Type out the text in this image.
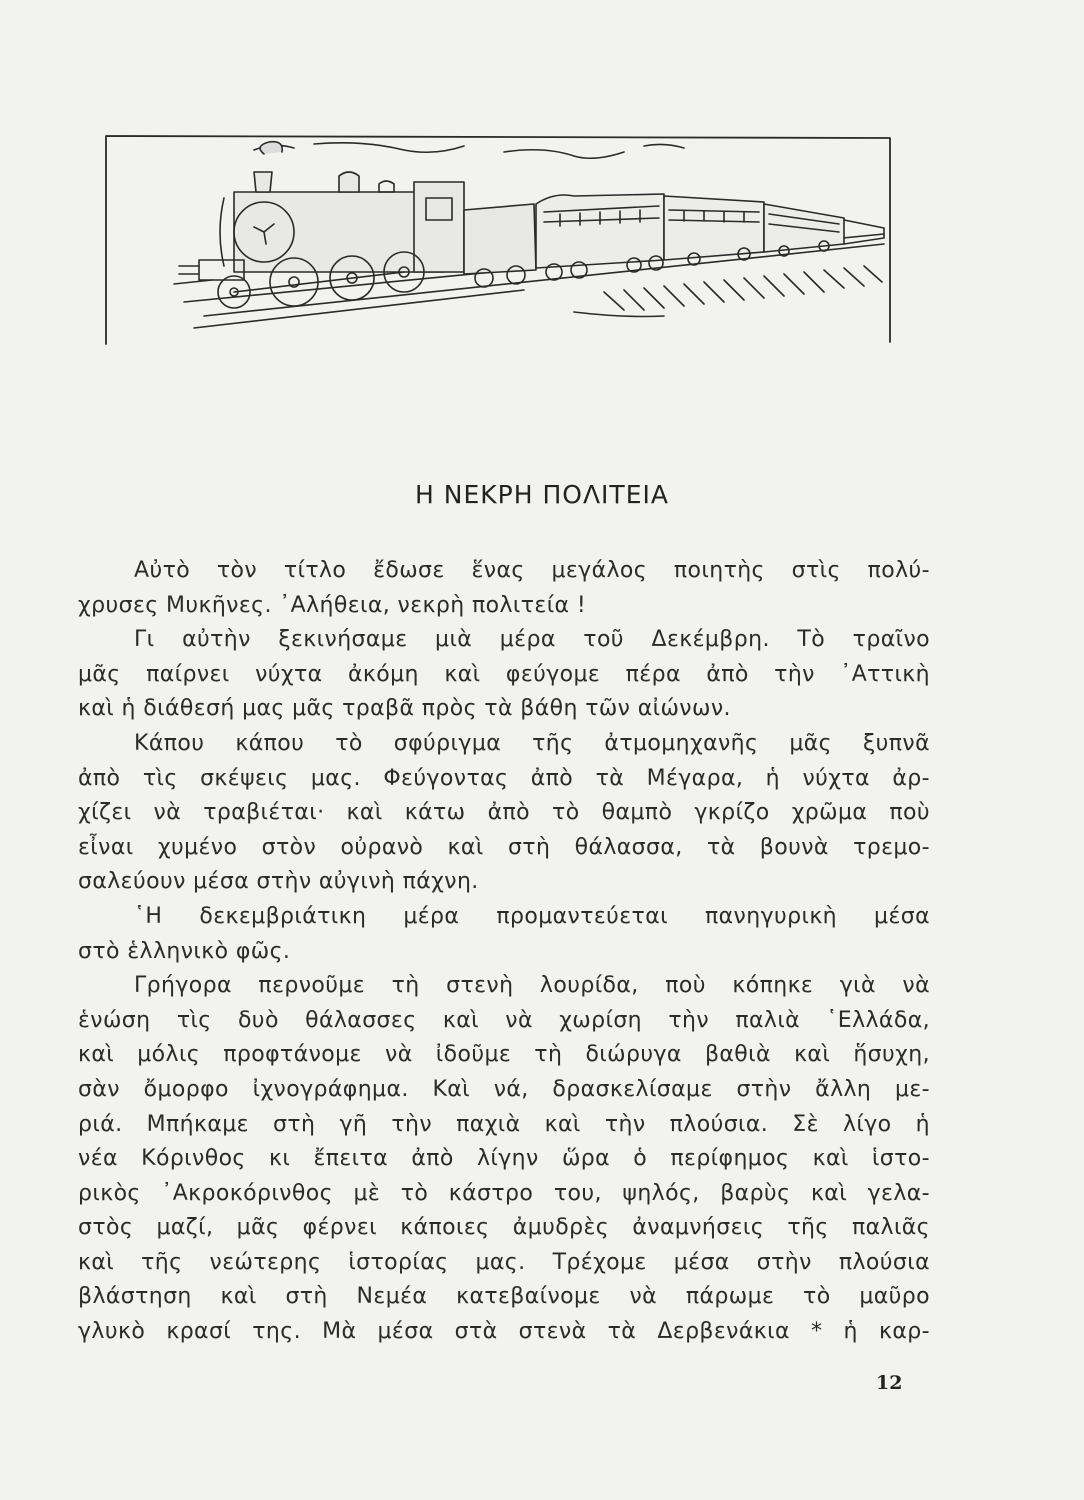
Η ΝΕΚΡΗ ΠΟΛΙΤΕΙΑ
Αὐτὸ τὸν τίτλο ἔδωσε ἕνας μεγάλος ποιητὴς στὶς πολύ-
χρυσες Μυκῆνες. ᾿Αλήθεια, νεκρὴ πολιτεία !
Γι αὐτὴν ξεκινήσαμε μιὰ μέρα τοῦ Δεκέμβρη. Τὸ τραῖνο
μᾶς παίρνει νύχτα ἀκόμη καὶ φεύγομε πέρα ἀπὸ τὴν ᾿Αττικὴ
καὶ ἡ διάθεσή μας μᾶς τραβᾶ πρὸς τὰ βάθη τῶν αἰώνων.
Κάπου κάπου τὸ σφύριγμα τῆς ἀτμομηχανῆς μᾶς ξυπνᾶ
ἀπὸ τὶς σκέψεις μας. Φεύγοντας ἀπὸ τὰ Μέγαρα, ἡ νύχτα ἀρ-
χίζει νὰ τραβιέται· καὶ κάτω ἀπὸ τὸ θαμπὸ γκρίζο χρῶμα ποὺ
εἶναι χυμένο στὸν οὐρανὸ καὶ στὴ θάλασσα, τὰ βουνὰ τρεμο-
σαλεύουν μέσα στὴν αὐγινὴ πάχνη.
῾Η δεκεμβριάτικη μέρα προμαντεύεται πανηγυρικὴ μέσα
στὸ ἑλληνικὸ φῶς.
Γρήγορα περνοῦμε τὴ στενὴ λουρίδα, ποὺ κόπηκε γιὰ νὰ
ἑνώση τὶς δυὸ θάλασσες καὶ νὰ χωρίση τὴν παλιὰ ῾Ελλάδα,
καὶ μόλις προφτάνομε νὰ ἰδοῦμε τὴ διώρυγα βαθιὰ καὶ ἥσυχη,
σὰν ὄμορφο ἰχνογράφημα. Καὶ νά, δρασκελίσαμε στὴν ἄλλη με-
ριά. Μπήκαμε στὴ γῆ τὴν παχιὰ καὶ τὴν πλούσια. Σὲ λίγο ἡ
νέα Κόρινθος κι ἔπειτα ἀπὸ λίγην ὥρα ὁ περίφημος καὶ ἱστο-
ρικὸς ᾿Ακροκόρινθος μὲ τὸ κάστρο του, ψηλός, βαρὺς καὶ γελα-
στὸς μαζί, μᾶς φέρνει κάποιες ἀμυδρὲς ἀναμνήσεις τῆς παλιᾶς
καὶ τῆς νεώτερης ἱστορίας μας. Τρέχομε μέσα στὴν πλούσια
βλάστηση καὶ στὴ Νεμέα κατεβαίνομε νὰ πάρωμε τὸ μαῦρο
γλυκὸ κρασί της. Μὰ μέσα στὰ στενὰ τὰ Δερβενάκια * ἡ καρ-
12
